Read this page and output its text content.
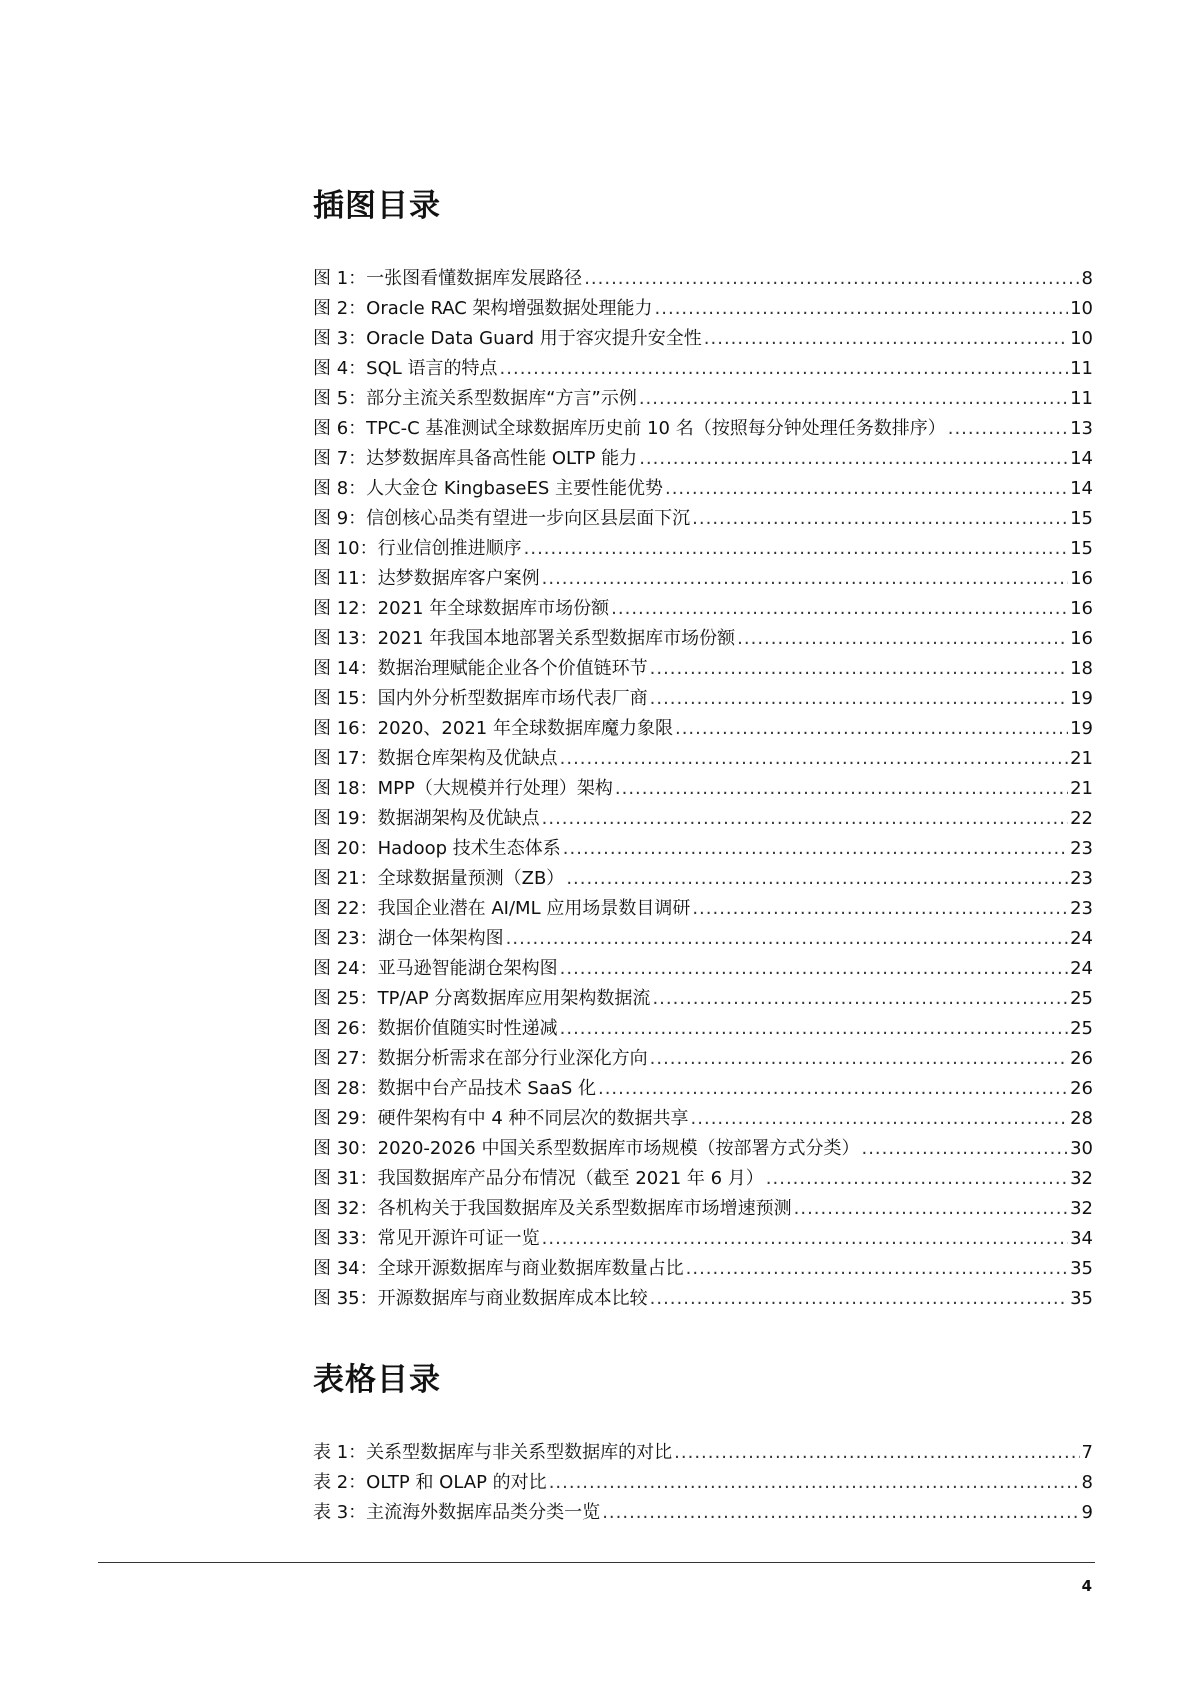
插图目录
图 1：一张图看懂数据库发展路径 .....	8
图 2：Oracle RAC 架构增强数据处理能力 .....	10
图 3：Oracle Data Guard 用于容灾提升安全性 .....	10
图 4：SQL 语言的特点 .....	11
图 5：部分主流关系型数据库“方言”示例 .....	11
图 6：TPC-C 基准测试全球数据库历史前 10 名（按照每分钟处理任务数排序） .....	13
图 7：达梦数据库具备高性能 OLTP 能力 .....	14
图 8：人大金仓 KingbaseES 主要性能优势 .....	14
图 9：信创核心品类有望进一步向区县层面下沉 .....	15
图 10：行业信创推进顺序 .....	15
图 11：达梦数据库客户案例 .....	16
图 12：2021 年全球数据库市场份额 .....	16
图 13：2021 年我国本地部署关系型数据库市场份额 .....	16
图 14：数据治理赋能企业各个价值链环节 .....	18
图 15：国内外分析型数据库市场代表厂商 .....	19
图 16：2020、2021 年全球数据库魔力象限 .....	19
图 17：数据仓库架构及优缺点 .....	21
图 18：MPP（大规模并行处理）架构 .....	21
图 19：数据湖架构及优缺点 .....	22
图 20：Hadoop 技术生态体系 .....	23
图 21：全球数据量预测（ZB） .....	23
图 22：我国企业潜在 AI/ML 应用场景数目调研 .....	23
图 23：湖仓一体架构图 .....	24
图 24：亚马逊智能湖仓架构图 .....	24
图 25：TP/AP 分离数据库应用架构数据流 .....	25
图 26：数据价值随实时性递减 .....	25
图 27：数据分析需求在部分行业深化方向 .....	26
图 28：数据中台产品技术 SaaS 化 .....	26
图 29：硬件架构有中 4 种不同层次的数据共享 .....	28
图 30：2020-2026 中国关系型数据库市场规模（按部署方式分类） .....	30
图 31：我国数据库产品分布情况（截至 2021 年 6 月） .....	32
图 32：各机构关于我国数据库及关系型数据库市场增速预测 .....	32
图 33：常见开源许可证一览 .....	34
图 34：全球开源数据库与商业数据库数量占比 .....	35
图 35：开源数据库与商业数据库成本比较 .....	35
表格目录
表 1：关系型数据库与非关系型数据库的对比 .....	7
表 2：OLTP 和 OLAP 的对比 .....	8
表 3：主流海外数据库品类分类一览 .....	9
4
